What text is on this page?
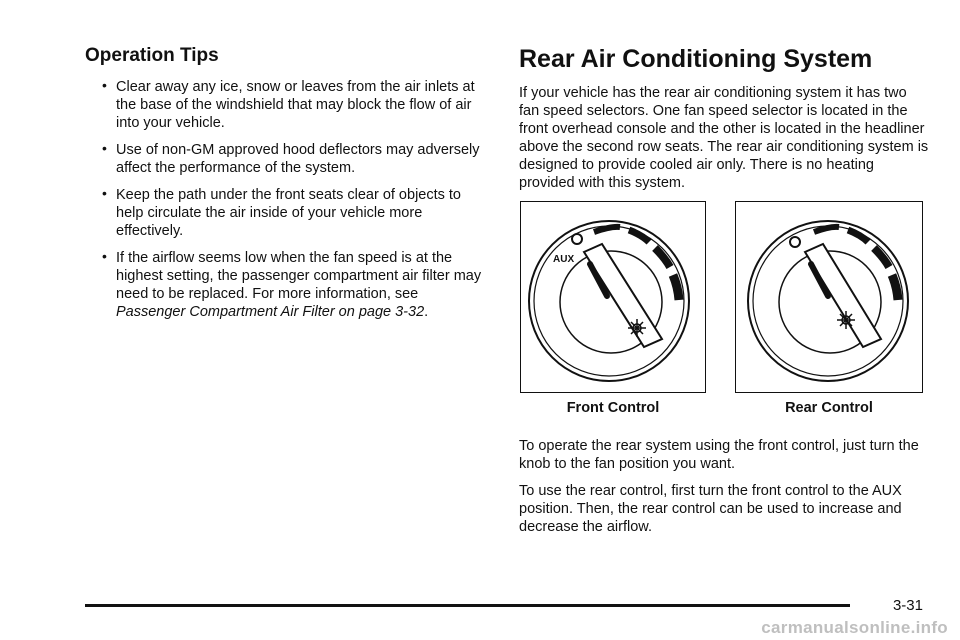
Operation Tips
• Clear away any ice, snow or leaves from the air inlets at the base of the windshield that may block the flow of air into your vehicle.
• Use of non-GM approved hood deflectors may adversely affect the performance of the system.
• Keep the path under the front seats clear of objects to help circulate the air inside of your vehicle more effectively.
• If the airflow seems low when the fan speed is at the highest setting, the passenger compartment air filter may need to be replaced. For more information, see Passenger Compartment Air Filter on page 3-32.
Rear Air Conditioning System

If your vehicle has the rear air conditioning system it has two fan speed selectors. One fan speed selector is located in the front overhead console and the other is located in the headliner above the second row seats. The rear air conditioning system is designed to provide cooled air only. There is no heating provided with this system.

AUX
Front Control	Rear Control

To operate the rear system using the front control, just turn the knob to the fan position you want.

To use the rear control, first turn the front control to the AUX position. Then, the rear control can be used to increase and decrease the airflow.

3-31
carmanualsonline.info
